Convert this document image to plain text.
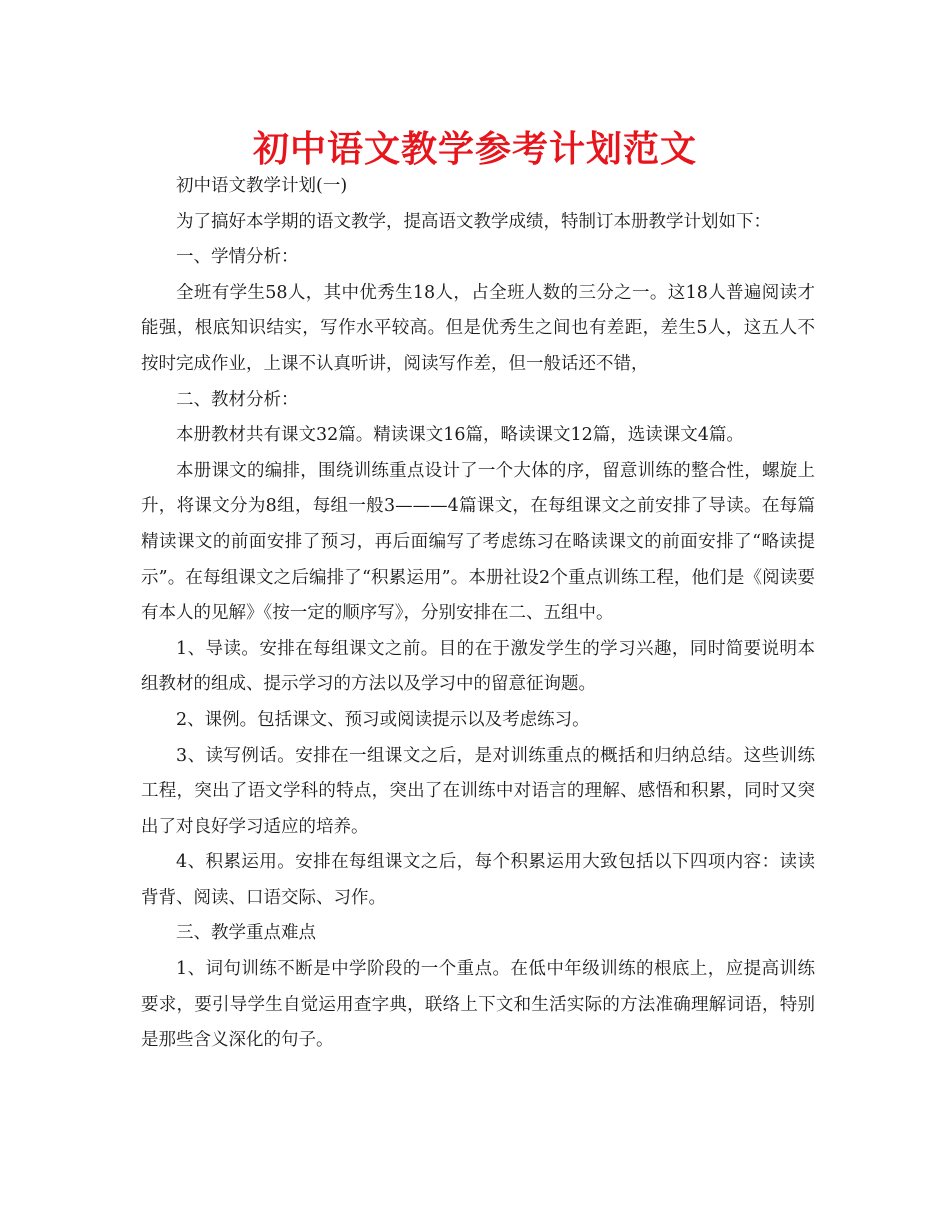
初中语文教学参考计划范文

初中语文教学计划(一)

为了搞好本学期的语文教学，提高语文教学成绩，特制订本册教学计划如下：

一、学情分析：

全班有学生58人，其中优秀生18人，占全班人数的三分之一。这18人普遍阅读才能强，根底知识结实，写作水平较高。但是优秀生之间也有差距，差生5人，这五人不按时完成作业，上课不认真听讲，阅读写作差，但一般话还不错，

二、教材分析：

本册教材共有课文32篇。精读课文16篇，略读课文12篇，选读课文4篇。

本册课文的编排，围绕训练重点设计了一个大体的序，留意训练的整合性，螺旋上升，将课文分为8组，每组一般3———4篇课文，在每组课文之前安排了导读。在每篇精读课文的前面安排了预习，再后面编写了考虑练习在略读课文的前面安排了“略读提示”。在每组课文之后编排了“积累运用”。本册社设2个重点训练工程，他们是《阅读要有本人的见解》《按一定的顺序写》，分别安排在二、五组中。

1、导读。安排在每组课文之前。目的在于激发学生的学习兴趣，同时简要说明本组教材的组成、提示学习的方法以及学习中的留意征询题。

2、课例。包括课文、预习或阅读提示以及考虑练习。

3、读写例话。安排在一组课文之后，是对训练重点的概括和归纳总结。这些训练工程，突出了语文学科的特点，突出了在训练中对语言的理解、感悟和积累，同时又突出了对良好学习适应的培养。

4、积累运用。安排在每组课文之后，每个积累运用大致包括以下四项内容：读读背背、阅读、口语交际、习作。

三、教学重点难点

1、词句训练不断是中学阶段的一个重点。在低中年级训练的根底上，应提高训练要求，要引导学生自觉运用查字典，联络上下文和生活实际的方法准确理解词语，特别是那些含义深化的句子。
